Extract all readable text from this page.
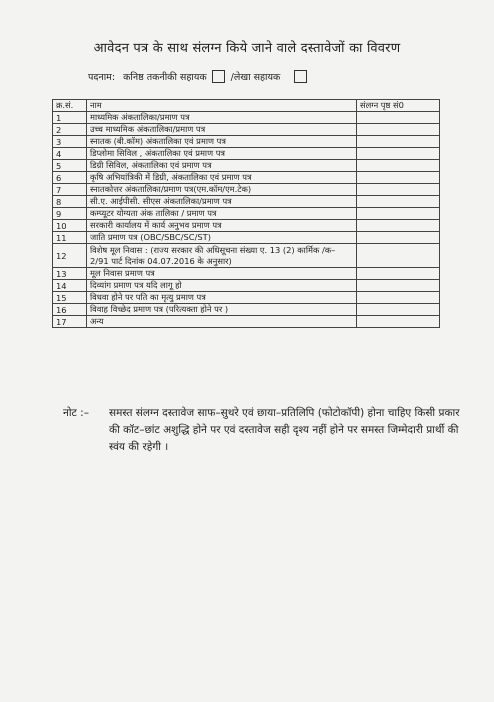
आवेदन पत्र के साथ संलग्न किये जाने वाले दस्तावेजों का विवरण
पदनाम: कनिष्ठ तकनीकी सहायक	/लेखा सहायक
क्र.सं.	नाम	संलग्न पृष्ठ सं0
1	माध्यमिक अंकतालिका/प्रमाण पत्र	
2	उच्च माध्यमिक अंकतालिका/प्रमाण पत्र	
3	स्नातक (बी.कॉम) अंकतालिका एवं प्रमाण पत्र	
4	डिप्लोमा सिविल , अंकतालिका एवं प्रमाण पत्र	
5	डिग्री सिविल, अंकतालिका एवं प्रमाण पत्र	
6	कृषि अभियांत्रिकी में डिग्री, अंकतालिका एवं प्रमाण पत्र	
7	स्नातकोत्तर अंकतालिका/प्रमाण पत्र(एम.कॉम/एम.टेक)	
8	सी.ए. आईपीसी. सीएस अंकतालिका/प्रमाण पत्र	
9	कम्प्यूटर योग्यता अंक तालिका / प्रमाण पत्र	
10	सरकारी कार्यालय में कार्य अनुभव प्रमाण पत्र	
11	जाति प्रमाण पत्र (OBC/SBC/SC/ST)	
12	विशेष मूल निवास : (राज्य सरकार की अधिसूचना संख्या ए. 13 (2) कार्मिक /क–2/91 पार्ट दिनांक 04.07.2016 के अनुसार)	
13	मूल निवास प्रमाण पत्र	
14	दिव्यांग प्रमाण पत्र यदि लागू हो	
15	विधवा होने पर पति का मृत्यु प्रमाण पत्र	
16	विवाह विच्छेद प्रमाण पत्र (परित्यक्ता होने पर )	
17	अन्य	
नोट :–	समस्त संलग्न दस्तावेज साफ–सुथरे एवं छाया–प्रतिलिपि (फोटोकॉपी) होना चाहिए किसी प्रकार की कॉट–छांट अशुद्धि होने पर एवं दस्तावेज सही दृश्य नहीं होने पर समस्त जिम्मेदारी प्रार्थी की स्वंय की रहेगी ।
